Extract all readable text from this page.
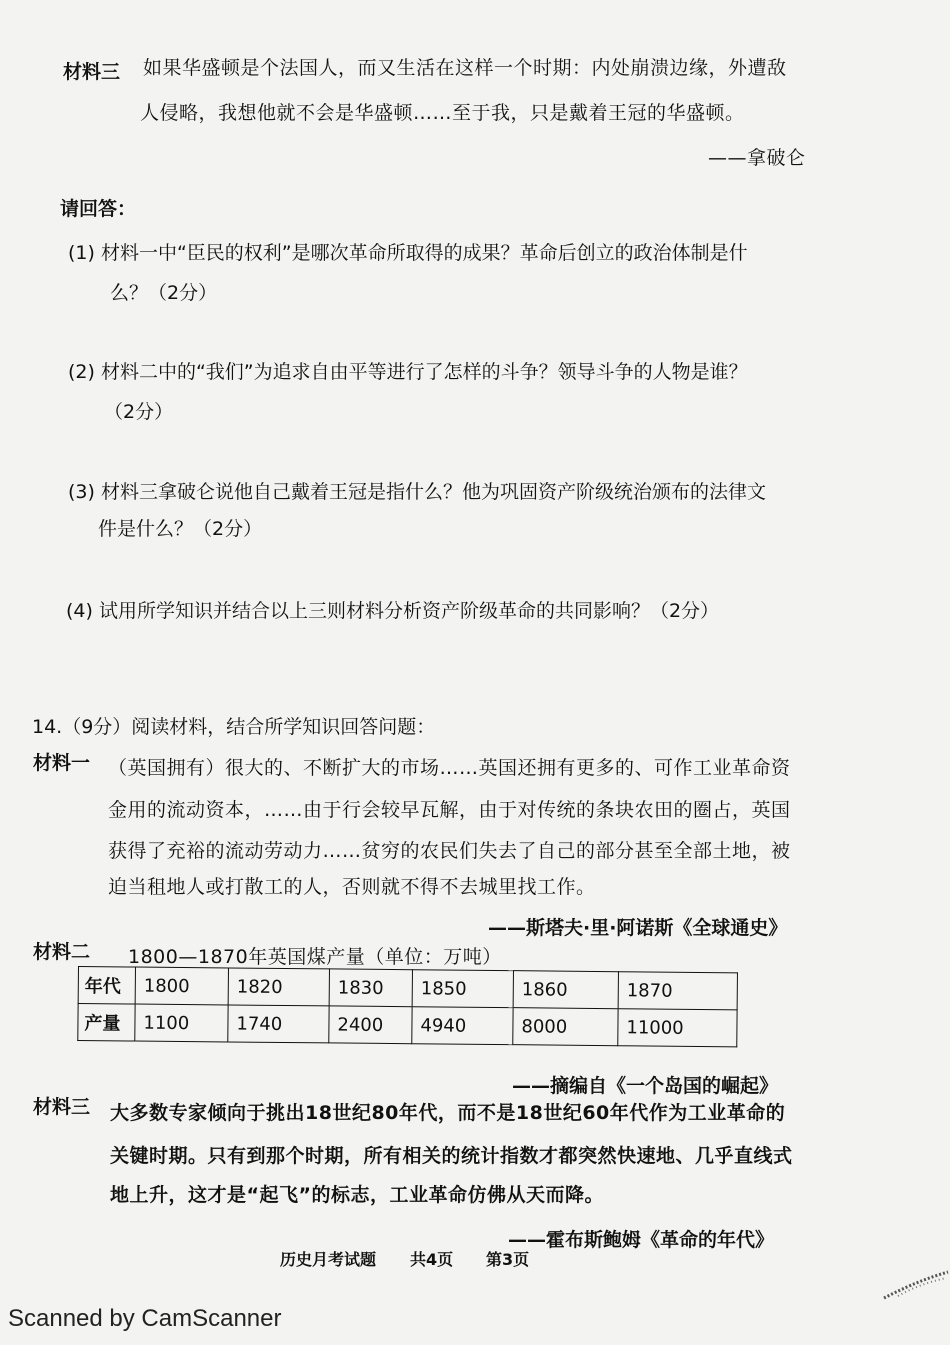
材料三 如果华盛顿是个法国人，而又生活在这样一个时期：内处崩溃边缘，外遭敌
人侵略，我想他就不会是华盛顿……至于我，只是戴着王冠的华盛顿。
——拿破仑
请回答：
(1) 材料一中“臣民的权利”是哪次革命所取得的成果？革命后创立的政治体制是什
么？（2分）
(2) 材料二中的“我们”为追求自由平等进行了怎样的斗争？领导斗争的人物是谁？
（2分）
(3) 材料三拿破仑说他自己戴着王冠是指什么？他为巩固资产阶级统治颁布的法律文
件是什么？（2分）
(4) 试用所学知识并结合以上三则材料分析资产阶级革命的共同影响？（2分）
14.（9分）阅读材料，结合所学知识回答问题：
材料一 （英国拥有）很大的、不断扩大的市场……英国还拥有更多的、可作工业革命资
金用的流动资本，……由于行会较早瓦解，由于对传统的条块农田的圈占，英国
获得了充裕的流动劳动力……贫穷的农民们失去了自己的部分甚至全部土地，被
迫当租地人或打散工的人，否则就不得不去城里找工作。
——斯塔夫·里·阿诺斯《全球通史》
材料二 1800—1870年英国煤产量（单位：万吨）
年代	1800	1820	1830	1850	1860	1870
产量	1100	1740	2400	4940	8000	11000
——摘编自《一个岛国的崛起》
材料三 大多数专家倾向于挑出18世纪80年代，而不是18世纪60年代作为工业革命的
关键时期。只有到那个时期，所有相关的统计指数才都突然快速地、几乎直线式
地上升，这才是“起飞”的标志，工业革命仿佛从天而降。
——霍布斯鲍姆《革命的年代》
历史月考试题 共4页 第3页
Scanned by CamScanner
